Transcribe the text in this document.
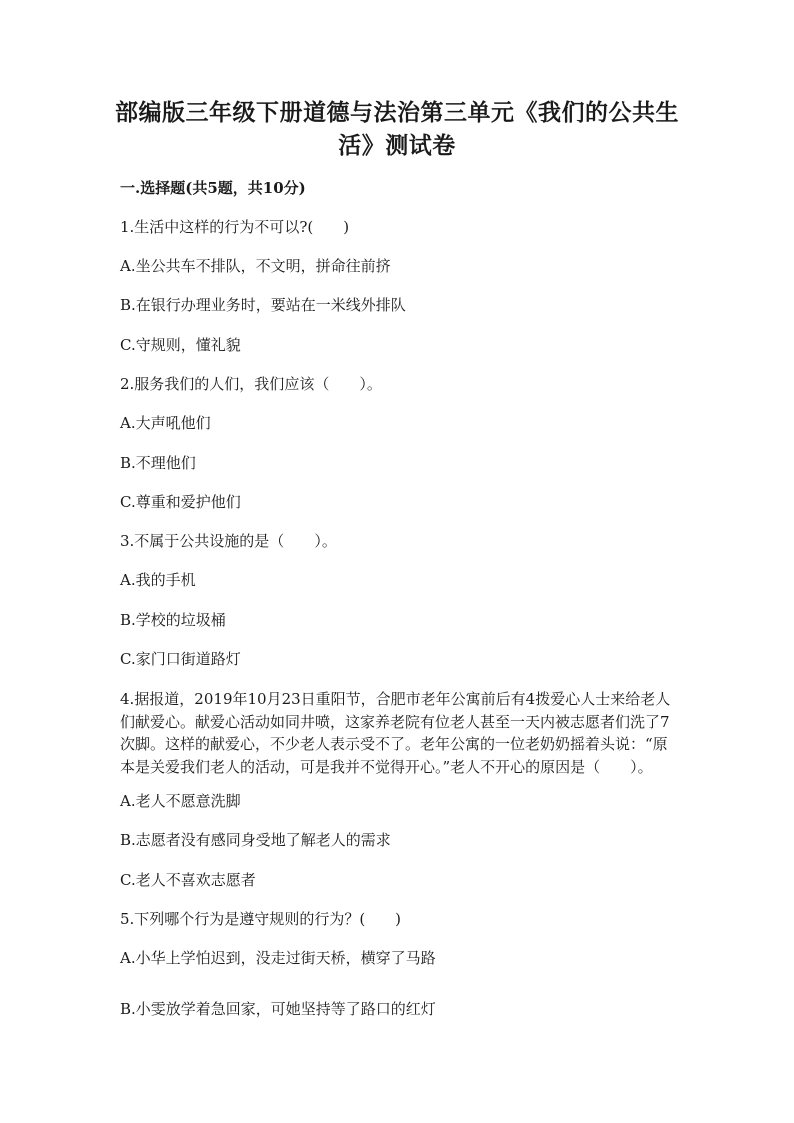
部编版三年级下册道德与法治第三单元《我们的公共生
活》测试卷
一.选择题(共5题，共10分)
1.生活中这样的行为不可以?(　　)
A.坐公共车不排队，不文明，拼命往前挤
B.在银行办理业务时，要站在一米线外排队
C.守规则，懂礼貌
2.服务我们的人们，我们应该（　　）。
A.大声吼他们
B.不理他们
C.尊重和爱护他们
3.不属于公共设施的是（　　）。
A.我的手机
B.学校的垃圾桶
C.家门口街道路灯
4.据报道，2019年10月23日重阳节，合肥市老年公寓前后有4拨爱心人士来给老人
们献爱心。献爱心活动如同井喷，这家养老院有位老人甚至一天内被志愿者们洗了7
次脚。这样的献爱心，不少老人表示受不了。老年公寓的一位老奶奶摇着头说：“原
本是关爱我们老人的活动，可是我并不觉得开心。”老人不开心的原因是（　　）。
A.老人不愿意洗脚
B.志愿者没有感同身受地了解老人的需求
C.老人不喜欢志愿者
5.下列哪个行为是遵守规则的行为？(　　)
A.小华上学怕迟到，没走过街天桥，横穿了马路
B.小雯放学着急回家，可她坚持等了路口的红灯
